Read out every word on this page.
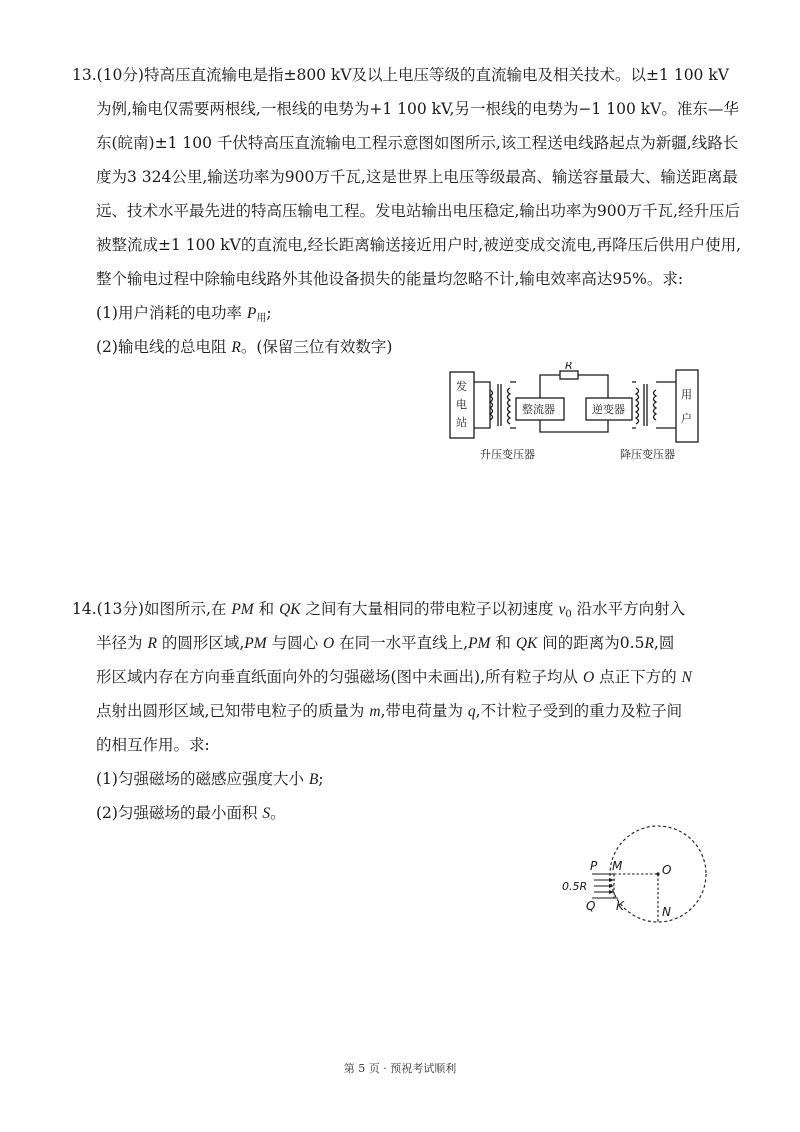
13.(10分)特高压直流输电是指±800 kV及以上电压等级的直流输电及相关技术。以±1 100 kV
为例,输电仅需要两根线,一根线的电势为+1 100 kV,另一根线的电势为−1 100 kV。准东—华
东(皖南)±1 100 千伏特高压直流输电工程示意图如图所示,该工程送电线路起点为新疆,线路长
度为3 324公里,输送功率为900万千瓦,这是世界上电压等级最高、输送容量最大、输送距离最
远、技术水平最先进的特高压输电工程。发电站输出电压稳定,输出功率为900万千瓦,经升压后
被整流成±1 100 kV的直流电,经长距离输送接近用户时,被逆变成交流电,再降压后供用户使用,
整个输电过程中除输电线路外其他设备损失的能量均忽略不计,输电效率高达95%。求:
(1)用户消耗的电功率 $P_用$;
(2)输电线的总电阻 R。(保留三位有效数字)
发
电
站
整流器
R
逆变器
用
户
升压变压器	降压变压器
14.(13分)如图所示,在 PM 和 QK 之间有大量相同的带电粒子以初速度 $v_0$ 沿水平方向射入
半径为 R 的圆形区域,PM 与圆心 O 在同一水平直线上,PM 和 QK 间的距离为0.5R,圆
形区域内存在方向垂直纸面向外的匀强磁场(图中未画出),所有粒子均从 O 点正下方的 N
点射出圆形区域,已知带电粒子的质量为 m,带电荷量为 q,不计粒子受到的重力及粒子间
的相互作用。求:
(1)匀强磁场的磁感应强度大小 B;
(2)匀强磁场的最小面积 S。
P M	O
Q K	N
0.5R
第 5 页 · 预祝考试顺利
